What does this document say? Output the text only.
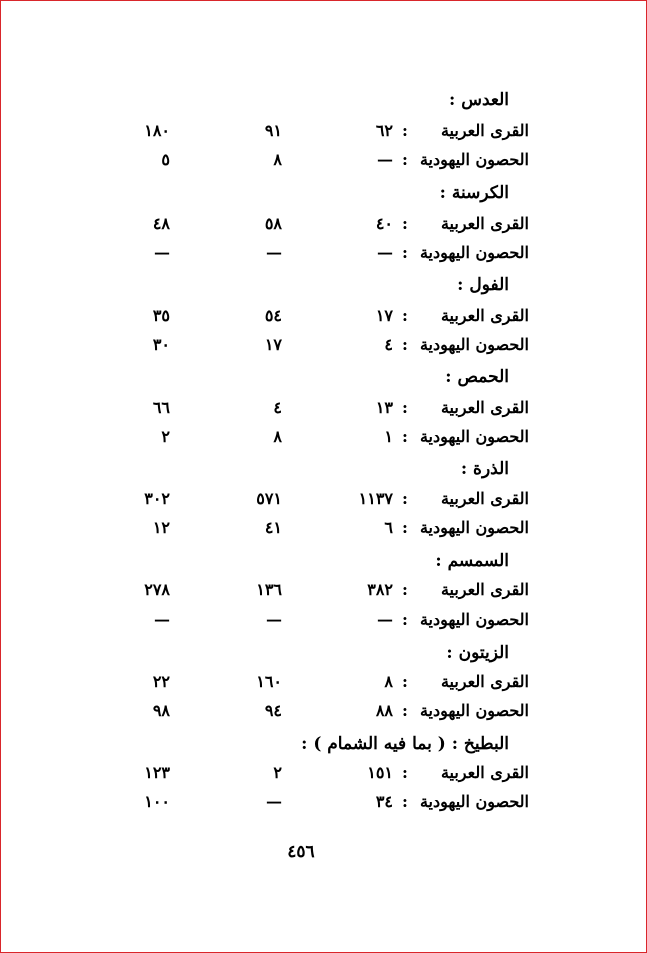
العدس :
القرى العربية
:
٦٢
٩١
١٨٠
الحصون اليهودية
:
—
٨
٥
الكرسنة :
القرى العربية
:
٤٠
٥٨
٤٨
الحصون اليهودية
:
—
—
—
الفول :
القرى العربية
:
١٧
٥٤
٣٥
الحصون اليهودية
:
٤
١٧
٣٠
الحمص :
القرى العربية
:
١٣
٤
٦٦
الحصون اليهودية
:
١
٨
٢
الذرة :
القرى العربية
:
١١٣٧
٥٧١
٣٠٢
الحصون اليهودية
:
٦
٤١
١٢
السمسم :
القرى العربية
:
٣٨٢
١٣٦
٢٧٨
الحصون اليهودية
:
—
—
—
الزيتون :
القرى العربية
:
٨
١٦٠
٢٢
الحصون اليهودية
:
٨٨
٩٤
٩٨
البطيخ : ( بما فيه الشمام ) :
القرى العربية
:
١٥١
٢
١٢٣
الحصون اليهودية
:
٣٤
—
١٠٠
٤٥٦
